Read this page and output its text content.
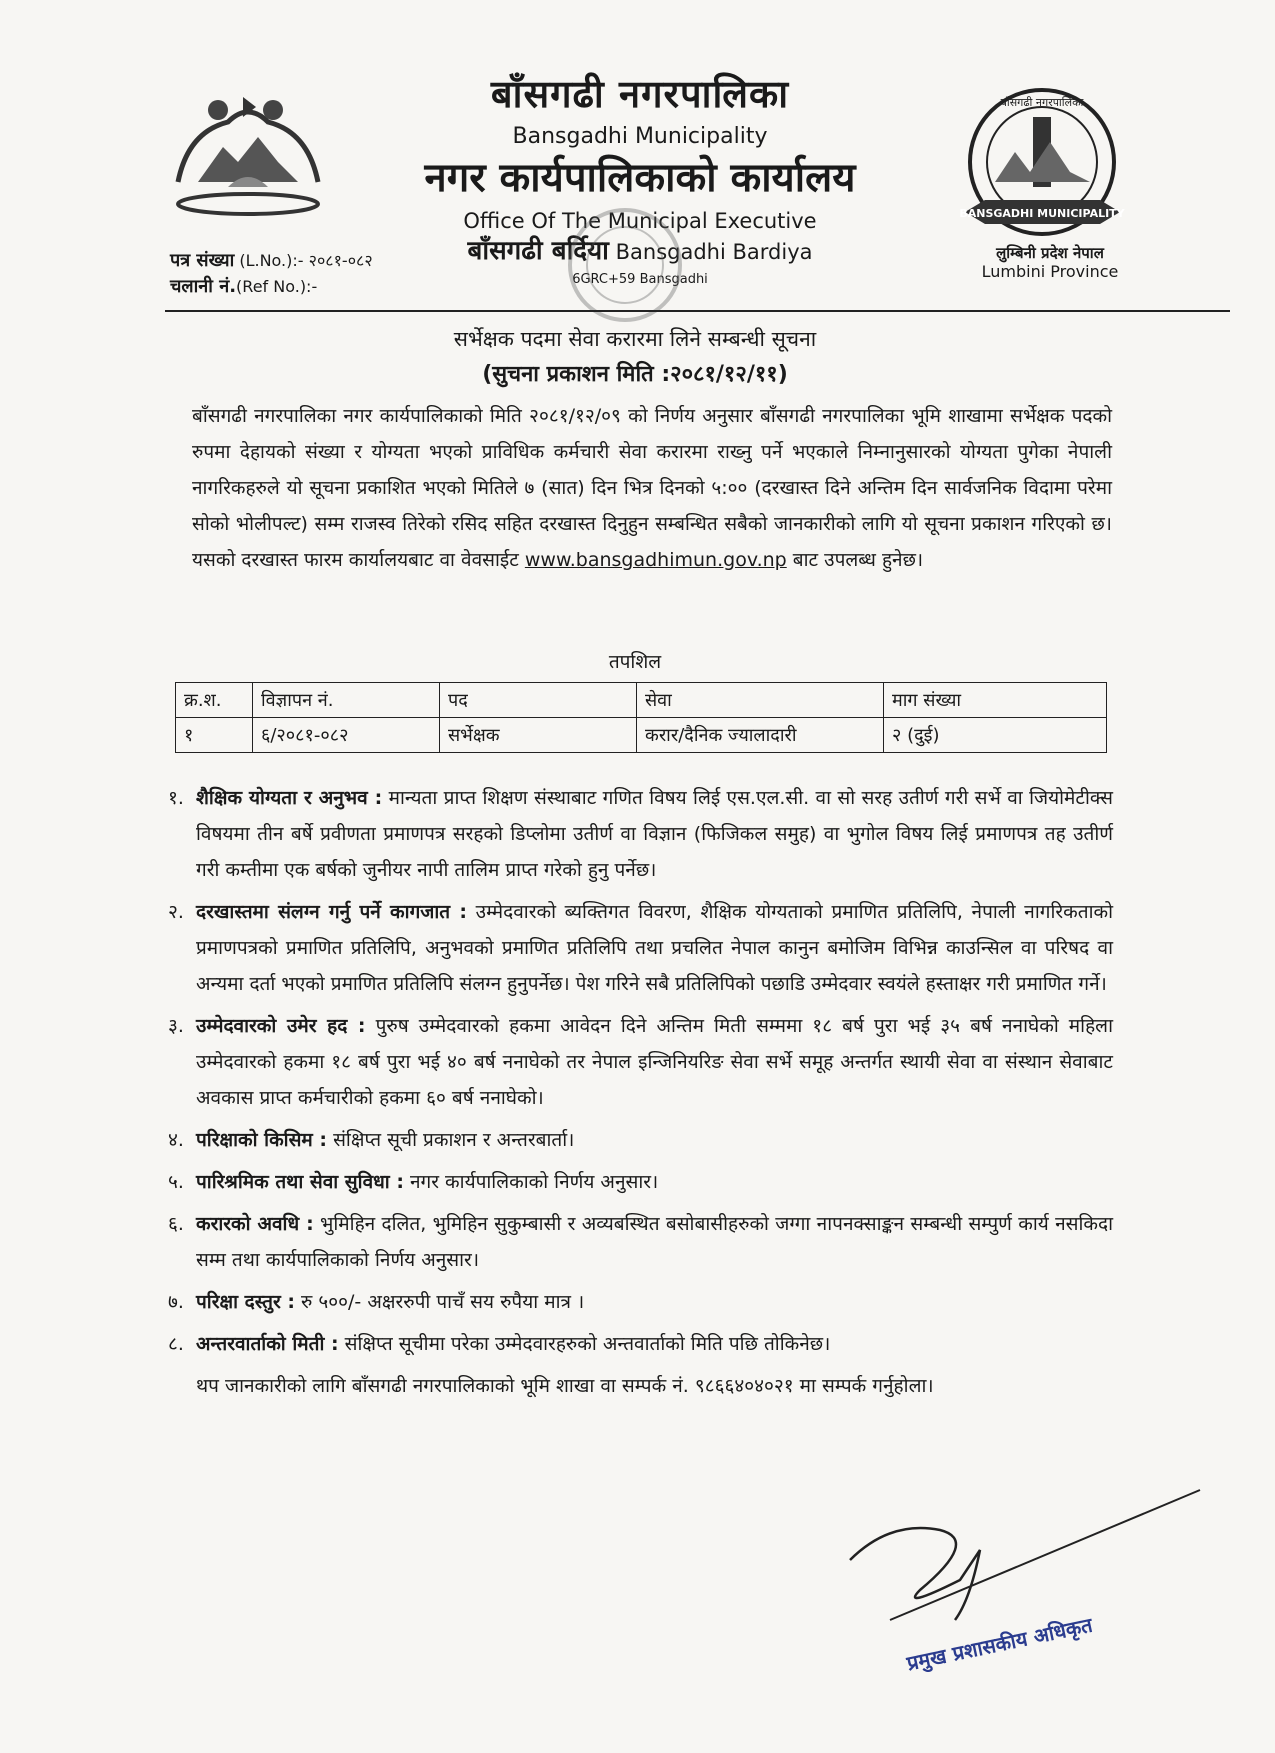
बाँसगढी नगरपालिका
Bansgadhi Municipality
नगर कार्यपालिकाको कार्यालय
Office Of The Municipal Executive
बाँसगढी बर्दिया Bansgadhi Bardiya
6GRC+59 Bansgadhi
BANSGADHI MUNICIPALITY
बाँसगढी नगरपालिका
लुम्बिनी प्रदेश नेपाल
Lumbini Province
पत्र संख्या (L.No.):- २०८१-०८२
चलानी नं.(Ref No.):-
सर्भेक्षक पदमा सेवा करारमा लिने सम्बन्धी सूचना
(सुचना प्रकाशन मिति :२०८१/१२/११)
बाँसगढी नगरपालिका नगर कार्यपालिकाको मिति २०८१/१२/०९ को निर्णय अनुसार बाँसगढी नगरपालिका भूमि शाखामा सर्भेक्षक पदको रुपमा देहायको संख्या र योग्यता भएको प्राविधिक कर्मचारी सेवा करारमा राख्नु पर्ने भएकाले निम्नानुसारको योग्यता पुगेका नेपाली नागरिकहरुले यो सूचना प्रकाशित भएको मितिले ७ (सात) दिन भित्र दिनको ५:०० (दरखास्त दिने अन्तिम दिन सार्वजनिक विदामा परेमा सोको भोलीपल्ट) सम्म राजस्व तिरेको रसिद सहित दरखास्त दिनुहुन सम्बन्धित सबैको जानकारीको लागि यो सूचना प्रकाशन गरिएको छ। यसको दरखास्त फारम कार्यालयबाट वा वेवसाईट www.bansgadhimun.gov.np बाट उपलब्ध हुनेछ।
तपशिल
क्र.श.	विज्ञापन नं.	पद	सेवा	माग संख्या
१	६/२०८१-०८२	सर्भेक्षक	करार/दैनिक ज्यालादारी	२ (दुई)
१. शैक्षिक योग्यता र अनुभव : मान्यता प्राप्त शिक्षण संस्थाबाट गणित विषय लिई एस.एल.सी. वा सो सरह उतीर्ण गरी सर्भे वा जियोमेटीक्स विषयमा तीन बर्षे प्रवीणता प्रमाणपत्र सरहको डिप्लोमा उतीर्ण वा विज्ञान (फिजिकल समुह) वा भुगोल विषय लिई प्रमाणपत्र तह उतीर्ण गरी कम्तीमा एक बर्षको जुनीयर नापी तालिम प्राप्त गरेको हुनु पर्नेछ।
२. दरखास्तमा संलग्न गर्नु पर्ने कागजात : उम्मेदवारको ब्यक्तिगत विवरण, शैक्षिक योग्यताको प्रमाणित प्रतिलिपि, नेपाली नागरिकताको प्रमाणपत्रको प्रमाणित प्रतिलिपि, अनुभवको प्रमाणित प्रतिलिपि तथा प्रचलित नेपाल कानुन बमोजिम विभिन्न काउन्सिल वा परिषद वा अन्यमा दर्ता भएको प्रमाणित प्रतिलिपि संलग्न हुनुपर्नेछ। पेश गरिने सबै प्रतिलिपिको पछाडि उम्मेदवार स्वयंले हस्ताक्षर गरी प्रमाणित गर्ने।
३. उम्मेदवारको उमेर हद : पुरुष उम्मेदवारको हकमा आवेदन दिने अन्तिम मिती सम्ममा १८ बर्ष पुरा भई ३५ बर्ष ननाघेको महिला उम्मेदवारको हकमा १८ बर्ष पुरा भई ४० बर्ष ननाघेको तर नेपाल इन्जिनियरिङ सेवा सर्भे समूह अन्तर्गत स्थायी सेवा वा संस्थान सेवाबाट अवकास प्राप्त कर्मचारीको हकमा ६० बर्ष ननाघेको।
४. परिक्षाको किसिम : संक्षिप्त सूची प्रकाशन र अन्तरबार्ता।
५. पारिश्रमिक तथा सेवा सुविधा : नगर कार्यपालिकाको निर्णय अनुसार।
६. करारको अवधि : भुमिहिन दलित, भुमिहिन सुकुम्बासी र अव्यबस्थित बसोबासीहरुको जग्गा नापनक्साङ्कन सम्बन्धी सम्पुर्ण कार्य नसकिदा सम्म तथा कार्यपालिकाको निर्णय अनुसार।
७. परिक्षा दस्तुर : रु ५००/- अक्षररुपी पाचँ सय रुपैया मात्र ।
८. अन्तरवार्ताको मिती : संक्षिप्त सूचीमा परेका उम्मेदवारहरुको अन्तवार्ताको मिति पछि तोकिनेछ।
थप जानकारीको लागि बाँसगढी नगरपालिकाको भूमि शाखा वा सम्पर्क नं. ९८६६४०४०२१ मा सम्पर्क गर्नुहोला।
प्रमुख प्रशासकीय अधिकृत
